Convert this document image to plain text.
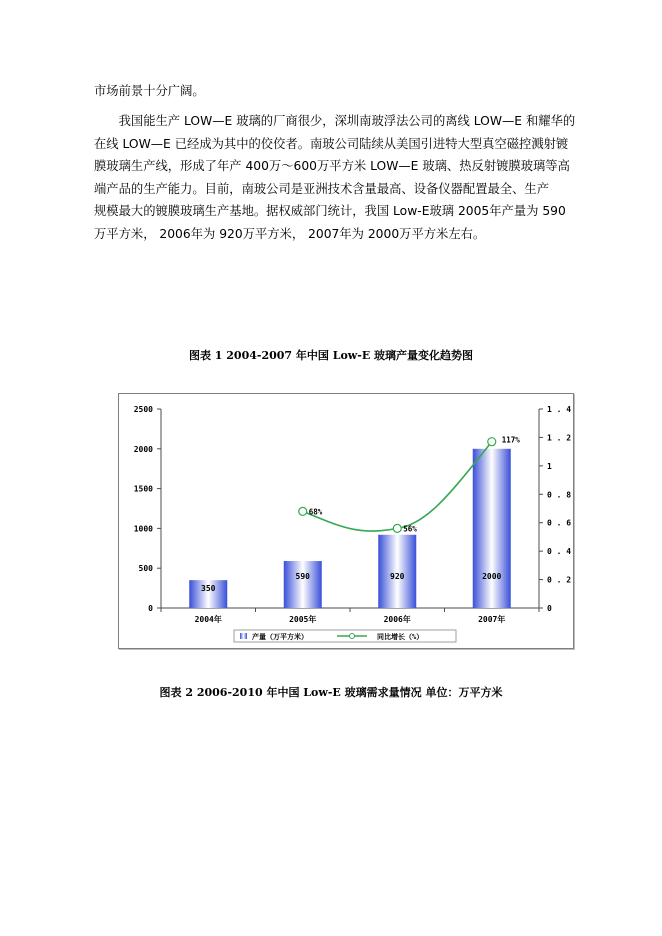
市场前景十分广阔。
　　我国能生产 LOW—E 玻璃的厂商很少，深圳南玻浮法公司的离线 LOW—E 和耀华的
在线 LOW—E 已经成为其中的佼佼者。南玻公司陆续从美国引进特大型真空磁控溅射镀
膜玻璃生产线，形成了年产 400万～600万平方米 LOW—E 玻璃、热反射镀膜玻璃等高
端产品的生产能力。目前，南玻公司是亚洲技术含量最高、设备仪器配置最全、生产
规模最大的镀膜玻璃生产基地。据权威部门统计，我国 Low-E玻璃 2005年产量为 590
万平方米， 2006年为 920万平方米， 2007年为 2000万平方米左右。
图表 1 2004-2007 年中国 Low-E 玻璃产量变化趋势图
0
500
1000
1500
2000
2500
0
0 . 2
0 . 4
0 . 6
0 . 8
1
1 . 2
1 . 4
2004年	2005年	2006年	2007年
350
590	920	2000
68%
56%
117%
产量（万平方米）	同比增长（%）
图表 2 2006-2010 年中国 Low-E 玻璃需求量情况 单位：万平方米
